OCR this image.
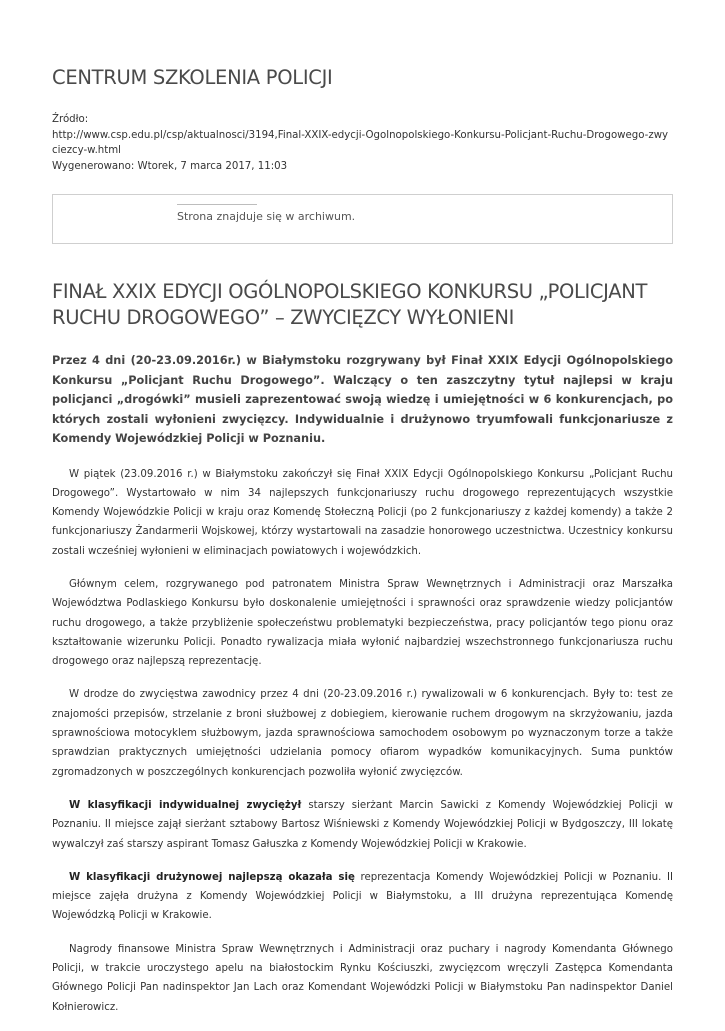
CENTRUM SZKOLENIA POLICJI
Źródło:
http://www.csp.edu.pl/csp/aktualnosci/3194,Final-XXIX-edycji-Ogolnopolskiego-Konkursu-Policjant-Ruchu-Drogowego-zwyciezcy-w.html
Wygenerowano: Wtorek, 7 marca 2017, 11:03
Strona znajduje się w archiwum.
FINAŁ XXIX EDYCJI OGÓLNOPOLSKIEGO KONKURSU „POLICJANT RUCHU DROGOWEGO” – ZWYCIĘZCY WYŁONIENI

Przez 4 dni (20-23.09.2016r.) w Białymstoku rozgrywany był Finał XXIX Edycji Ogólnopolskiego Konkursu „Policjant Ruchu Drogowego”. Walczący o ten zaszczytny tytuł najlepsi w kraju policjanci „drogówki” musieli zaprezentować swoją wiedzę i umiejętności w 6 konkurencjach, po których zostali wyłonieni zwycięzcy. Indywidualnie i drużynowo tryumfowali funkcjonariusze z Komendy Wojewódzkiej Policji w Poznaniu.

W piątek (23.09.2016 r.) w Białymstoku zakończył się Finał XXIX Edycji Ogólnopolskiego Konkursu „Policjant Ruchu Drogowego”. Wystartowało w nim 34 najlepszych funkcjonariuszy ruchu drogowego reprezentujących wszystkie Komendy Wojewódzkie Policji w kraju oraz Komendę Stołeczną Policji (po 2 funkcjonariuszy z każdej komendy) a także 2 funkcjonariuszy Żandarmerii Wojskowej, którzy wystartowali na zasadzie honorowego uczestnictwa. Uczestnicy konkursu zostali wcześniej wyłonieni w eliminacjach powiatowych i wojewódzkich.

Głównym celem, rozgrywanego pod patronatem Ministra Spraw Wewnętrznych i Administracji oraz Marszałka Województwa Podlaskiego Konkursu było doskonalenie umiejętności i sprawności oraz sprawdzenie wiedzy policjantów ruchu drogowego, a także przybliżenie społeczeństwu problematyki bezpieczeństwa, pracy policjantów tego pionu oraz kształtowanie wizerunku Policji. Ponadto rywalizacja miała wyłonić najbardziej wszechstronnego funkcjonariusza ruchu drogowego oraz najlepszą reprezentację.

W drodze do zwycięstwa zawodnicy przez 4 dni (20-23.09.2016 r.) rywalizowali w 6 konkurencjach. Były to: test ze znajomości przepisów, strzelanie z broni służbowej z dobiegiem, kierowanie ruchem drogowym na skrzyżowaniu, jazda sprawnościowa motocyklem służbowym, jazda sprawnościowa samochodem osobowym po wyznaczonym torze a także sprawdzian praktycznych umiejętności udzielania pomocy ofiarom wypadków komunikacyjnych. Suma punktów zgromadzonych w poszczególnych konkurencjach pozwoliła wyłonić zwycięzców.

W klasyfikacji indywidualnej zwyciężył starszy sierżant Marcin Sawicki z Komendy Wojewódzkiej Policji w Poznaniu. II miejsce zajął sierżant sztabowy Bartosz Wiśniewski z Komendy Wojewódzkiej Policji w Bydgoszczy, III lokatę wywalczył zaś starszy aspirant Tomasz Gałuszka z Komendy Wojewódzkiej Policji w Krakowie.

W klasyfikacji drużynowej najlepszą okazała się reprezentacja Komendy Wojewódzkiej Policji w Poznaniu. II miejsce zajęła drużyna z Komendy Wojewódzkiej Policji w Białymstoku, a III drużyna reprezentująca Komendę Wojewódzką Policji w Krakowie.

Nagrody finansowe Ministra Spraw Wewnętrznych i Administracji oraz puchary i nagrody Komendanta Głównego Policji, w trakcie uroczystego apelu na białostockim Rynku Kościuszki, zwycięzcom wręczyli Zastępca Komendanta Głównego Policji Pan nadinspektor Jan Lach oraz Komendant Wojewódzki Policji w Białymstoku Pan nadinspektor Daniel Kołnierowicz.
